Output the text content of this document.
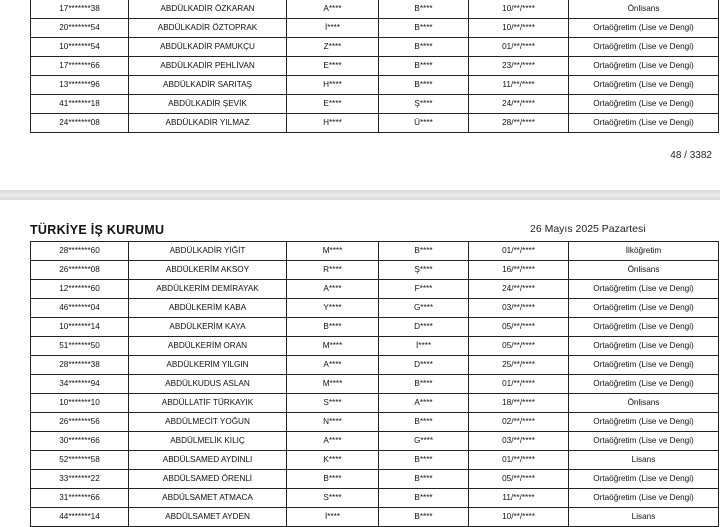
17*******38	ABDÜLKADİR ÖZKARAN	A****	B****	10/**/****	Önlisans
20*******54	ABDÜLKADİR ÖZTOPRAK	İ****	B****	10/**/****	Ortaöğretim (Lise ve Dengi)
10*******54	ABDÜLKADİR PAMUKÇU	Z****	B****	01/**/****	Ortaöğretim (Lise ve Dengi)
17*******66	ABDÜLKADİR PEHLİVAN	E****	B****	23/**/****	Ortaöğretim (Lise ve Dengi)
13*******96	ABDÜLKADİR SARITAŞ	H****	B****	11/**/****	Ortaöğretim (Lise ve Dengi)
41*******18	ABDÜLKADİR ŞEVİK	E****	Ş****	24/**/****	Ortaöğretim (Lise ve Dengi)
24*******08	ABDÜLKADİR YILMAZ	H****	Ü****	28/**/****	Ortaöğretim (Lise ve Dengi)
48 / 3382
TÜRKİYE İŞ KURUMU	26 Mayıs 2025 Pazartesi
28*******60	ABDÜLKADİR YİĞİT	M****	B****	01/**/****	İlköğretim
26*******08	ABDÜLKERİM AKSOY	R****	Ş****	16/**/****	Önlisans
12*******60	ABDÜLKERİM DEMİRAYAK	A****	F****	24/**/****	Ortaöğretim (Lise ve Dengi)
46*******04	ABDÜLKERİM KABA	Y****	G****	03/**/****	Ortaöğretim (Lise ve Dengi)
10*******14	ABDÜLKERİM KAYA	B****	D****	05/**/****	Ortaöğretim (Lise ve Dengi)
51*******50	ABDÜLKERİM ORAN	M****	İ****	05/**/****	Ortaöğretim (Lise ve Dengi)
28*******38	ABDÜLKERİM YILGIN	A****	D****	25/**/****	Ortaöğretim (Lise ve Dengi)
34*******94	ABDÜLKUDUS ASLAN	M****	B****	01/**/****	Ortaöğretim (Lise ve Dengi)
10*******10	ABDÜLLATİF TÜRKAYIK	S****	A****	18/**/****	Önlisans
26*******56	ABDÜLMECİT YOĞUN	N****	B****	02/**/****	Ortaöğretim (Lise ve Dengi)
30*******66	ABDÜLMELİK KILIÇ	A****	G****	03/**/****	Ortaöğretim (Lise ve Dengi)
52*******58	ABDÜLSAMED AYDINLI	K****	B****	01/**/****	Lisans
33*******22	ABDÜLSAMED ÖRENLİ	B****	B****	05/**/****	Ortaöğretim (Lise ve Dengi)
31*******66	ABDÜLSAMET ATMACA	S****	B****	11/**/****	Ortaöğretim (Lise ve Dengi)
44*******14	ABDÜLSAMET AYDEN	İ****	B****	10/**/****	Lisans
